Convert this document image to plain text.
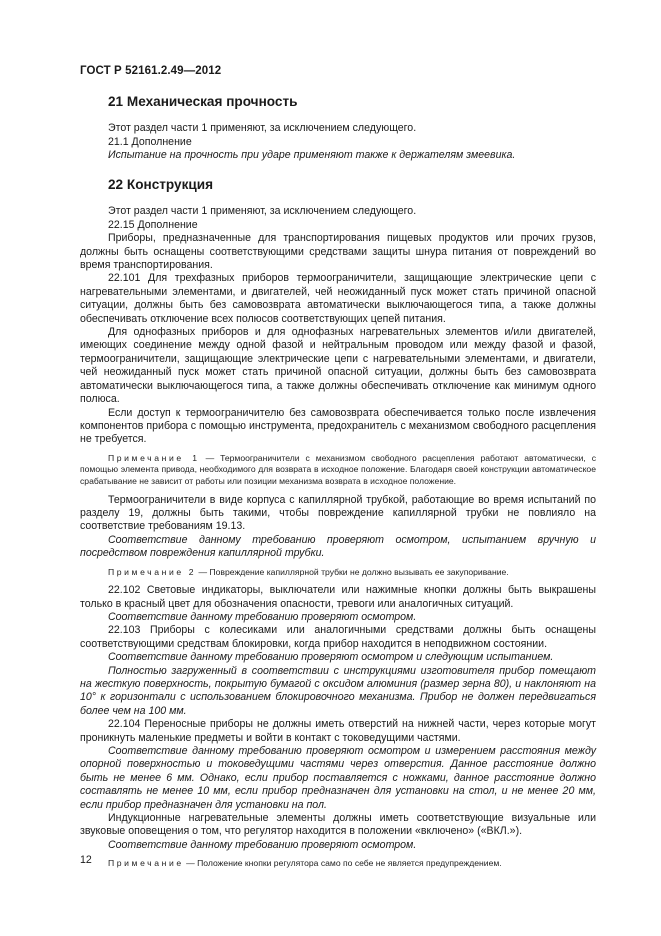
ГОСТ Р 52161.2.49—2012
21 Механическая прочность

Этот раздел части 1 применяют, за исключением следующего.

21.1 Дополнение

Испытание на прочность при ударе применяют также к держателям змеевика.

22 Конструкция

Этот раздел части 1 применяют, за исключением следующего.

22.15 Дополнение

Приборы, предназначенные для транспортирования пищевых продуктов или прочих грузов, должны быть оснащены соответствующими средствами защиты шнура питания от повреждений во время транспортирования.

22.101 Для трехфазных приборов термоограничители, защищающие электрические цепи с нагревательными элементами, и двигателей, чей неожиданный пуск может стать причиной опасной ситуации, должны быть без самовозврата автоматически выключающегося типа, а также должны обеспечивать отключение всех полюсов соответствующих цепей питания.

Для однофазных приборов и для однофазных нагревательных элементов и/или двигателей, имеющих соединение между одной фазой и нейтральным проводом или между фазой и фазой, термоограничители, защищающие электрические цепи с нагревательными элементами, и двигатели, чей неожиданный пуск может стать причиной опасной ситуации, должны быть без самовозврата автоматически выключающегося типа, а также должны обеспечивать отключение как минимум одного полюса.

Если доступ к термоограничителю без самовозврата обеспечивается только после извлечения компонентов прибора с помощью инструмента, предохранитель с механизмом свободного расцепления не требуется.

Примечание 1 — Термоограничители с механизмом свободного расцепления работают автоматически, с помощью элемента привода, необходимого для возврата в исходное положение. Благодаря своей конструкции автоматическое срабатывание не зависит от работы или позиции механизма возврата в исходное положение.

Термоограничители в виде корпуса с капиллярной трубкой, работающие во время испытаний по разделу 19, должны быть такими, чтобы повреждение капиллярной трубки не повлияло на соответствие требованиям 19.13.

Соответствие данному требованию проверяют осмотром, испытанием вручную и посредством повреждения капиллярной трубки.

Примечание 2 — Повреждение капиллярной трубки не должно вызывать ее закупоривание.

22.102 Световые индикаторы, выключатели или нажимные кнопки должны быть выкрашены только в красный цвет для обозначения опасности, тревоги или аналогичных ситуаций.

Соответствие данному требованию проверяют осмотром.

22.103 Приборы с колесиками или аналогичными средствами должны быть оснащены соответствующими средствам блокировки, когда прибор находится в неподвижном состоянии.

Соответствие данному требованию проверяют осмотром и следующим испытанием.

Полностью загруженный в соответствии с инструкциями изготовителя прибор помещают на жесткую поверхность, покрытую бумагой с оксидом алюминия (размер зерна 80), и наклоняют на 10° к горизонтали с использованием блокировочного механизма. Прибор не должен передвигаться более чем на 100 мм.

22.104 Переносные приборы не должны иметь отверстий на нижней части, через которые могут проникнуть маленькие предметы и войти в контакт с токоведущими частями.

Соответствие данному требованию проверяют осмотром и измерением расстояния между опорной поверхностью и токоведущими частями через отверстия. Данное расстояние должно быть не менее 6 мм. Однако, если прибор поставляется с ножками, данное расстояние должно составлять не менее 10 мм, если прибор предназначен для установки на стол, и не менее 20 мм, если прибор предназначен для установки на пол.

Индукционные нагревательные элементы должны иметь соответствующие визуальные или звуковые оповещения о том, что регулятор находится в положении «включено» («ВКЛ.»).

Соответствие данному требованию проверяют осмотром.

Примечание — Положение кнопки регулятора само по себе не является предупреждением.

12
